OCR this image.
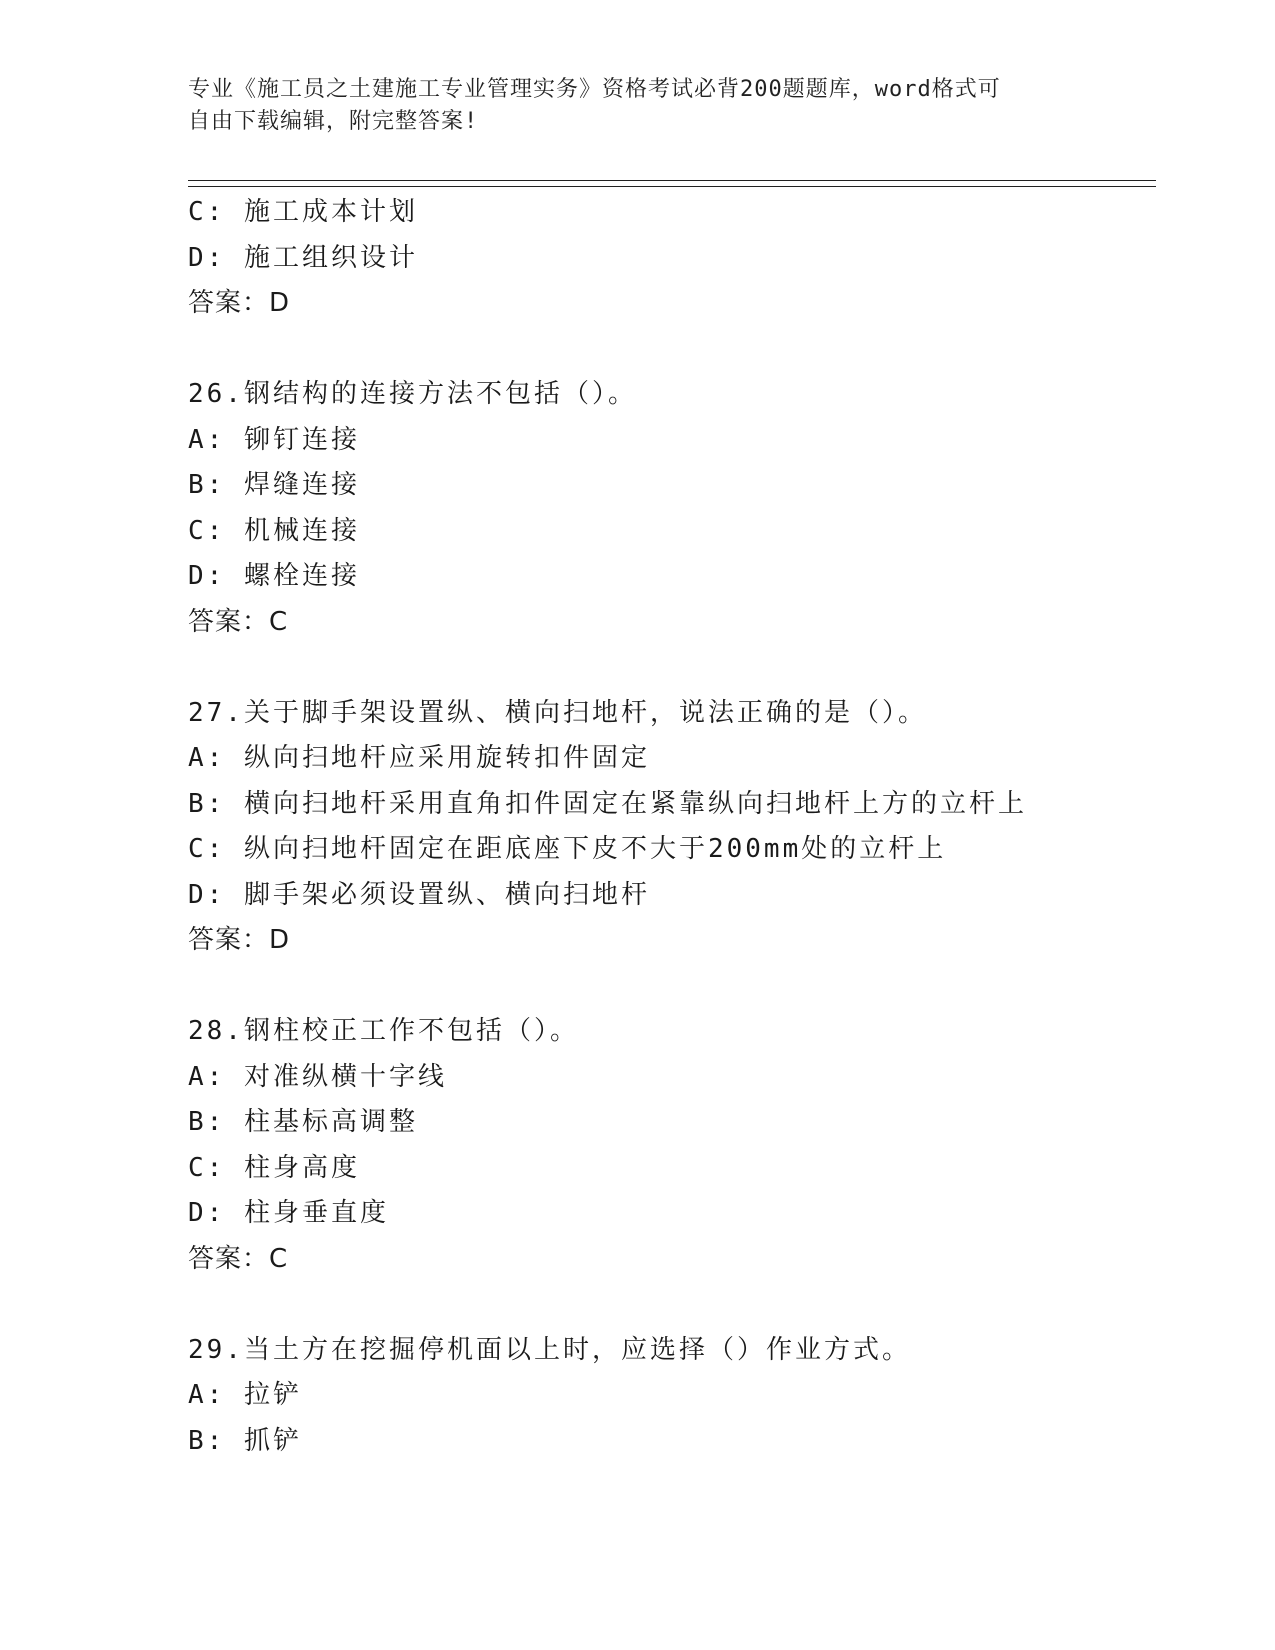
专业《施工员之土建施工专业管理实务》资格考试必背200题题库，word格式可
自由下载编辑，附完整答案!
C: 施工成本计划
D: 施工组织设计
答案：D
26.钢结构的连接方法不包括（）。
A: 铆钉连接
B: 焊缝连接
C: 机械连接
D: 螺栓连接
答案：C
27.关于脚手架设置纵、横向扫地杆，说法正确的是（）。
A: 纵向扫地杆应采用旋转扣件固定
B: 横向扫地杆采用直角扣件固定在紧靠纵向扫地杆上方的立杆上
C: 纵向扫地杆固定在距底座下皮不大于200mm处的立杆上
D: 脚手架必须设置纵、横向扫地杆
答案：D
28.钢柱校正工作不包括（）。
A: 对准纵横十字线
B: 柱基标高调整
C: 柱身高度
D: 柱身垂直度
答案：C
29.当土方在挖掘停机面以上时，应选择（）作业方式。
A: 拉铲
B: 抓铲
